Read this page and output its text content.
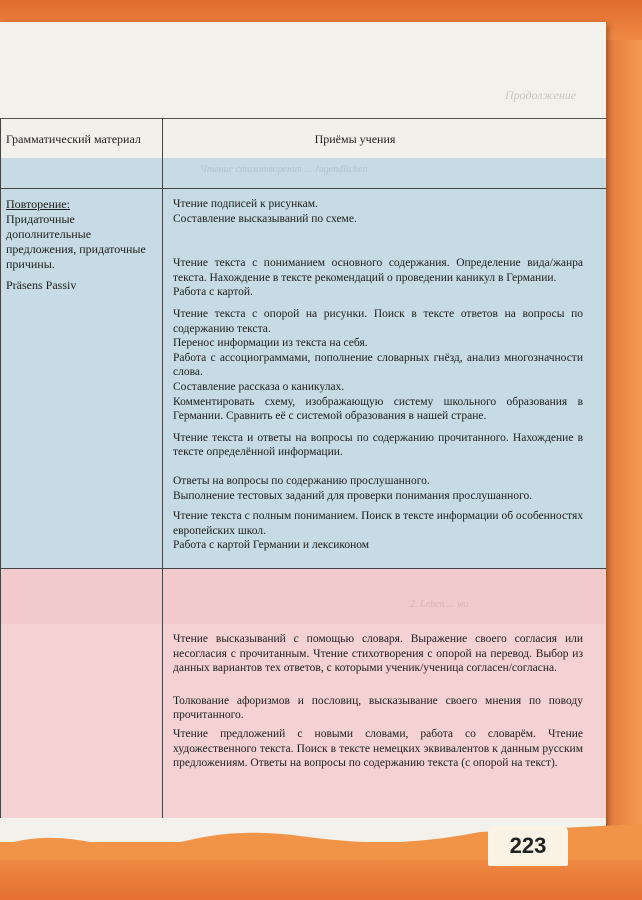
Продолжение
Грамматический материал	Приёмы учения
Чтение стихотворения ... Jugendlichen
Повторение:
Придаточные дополнительные предложения, придаточные причины.
Präsens Passiv

Чтение подписей к рисункам.

Составление высказываний по схеме.

Чтение текста с пониманием основного содержания. Определение вида/жанра текста. Нахождение в тексте рекомендаций о проведении каникул в Германии.

Работа с картой.

Чтение текста с опорой на рисунки. Поиск в тексте ответов на вопросы по содержанию текста.

Перенос информации из текста на себя.

Работа с ассоциограммами, пополнение словарных гнёзд, анализ многозначности слова.

Составление рассказа о каникулах.

Комментировать схему, изображающую систему школьного образования в Германии. Сравнить её с системой образования в нашей стране.

Чтение текста и ответы на вопросы по содержанию прочитанного. Нахождение в тексте определённой информации.

Ответы на вопросы по содержанию прослушанного.

Выполнение тестовых заданий для проверки понимания прослушанного.

Чтение текста с полным пониманием. Поиск в тексте информации об особенностях европейских школ.

Работа с картой Германии и лексиконом

2. Leben ... wo

Чтение высказываний с помощью словаря. Выражение своего согласия или несогласия с прочитанным. Чтение стихотворения с опорой на перевод. Выбор из данных вариантов тех ответов, с которыми ученик/ученица согласен/согласна.

Толкование афоризмов и пословиц, высказывание своего мнения по поводу прочитанного.

Чтение предложений с новыми словами, работа со словарём. Чтение художественного текста. Поиск в тексте немецких эквивалентов к данным русским предложениям. Ответы на вопросы по содержанию текста (с опорой на текст).

223
